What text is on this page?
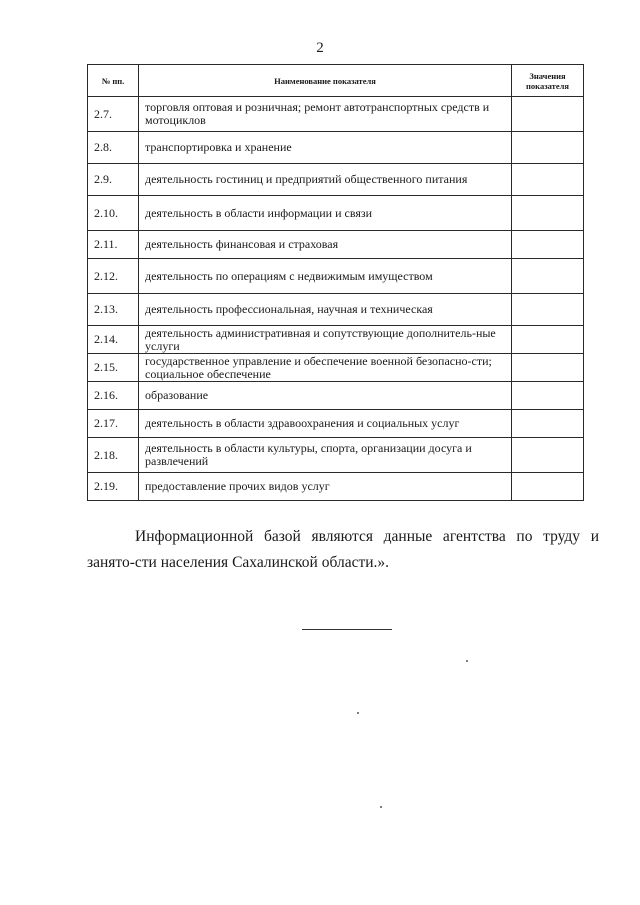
2
№ пп.	Наименование показателя	Значения показателя
2.7.	торговля оптовая и розничная; ремонт автотранспортных средств и мотоциклов	
2.8.	транспортировка и хранение	
2.9.	деятельность гостиниц и предприятий общественного питания	
2.10.	деятельность в области информации и связи	
2.11.	деятельность финансовая и страховая	
2.12.	деятельность по операциям с недвижимым имуществом	
2.13.	деятельность профессиональная, научная и техническая	
2.14.	деятельность административная и сопутствующие дополнитель-ные услуги	
2.15.	государственное управление и обеспечение военной безопасно-сти; социальное обеспечение	
2.16.	образование	
2.17.	деятельность в области здравоохранения и социальных услуг	
2.18.	деятельность в области культуры, спорта, организации досуга и развлечений	
2.19.	предоставление прочих видов услуг	
Информационной базой являются данные агентства по труду и занято-сти населения Сахалинской области.».
